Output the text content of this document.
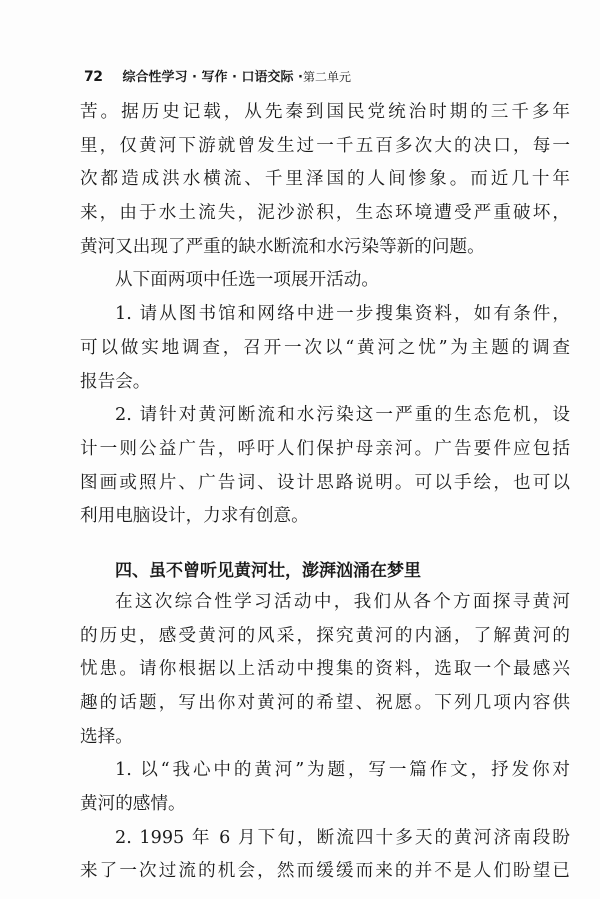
72 综合性学习 · 写作 · 口语交际 · 第二单元
苦。据历史记载，从先秦到国民党统治时期的三千多年
里，仅黄河下游就曾发生过一千五百多次大的决口，每一
次都造成洪水横流、千里泽国的人间惨象。而近几十年
来，由于水土流失，泥沙淤积，生态环境遭受严重破坏，
黄河又出现了严重的缺水断流和水污染等新的问题。
从下面两项中任选一项展开活动。
1. 请从图书馆和网络中进一步搜集资料，如有条件，
可以做实地调查，召开一次以“黄河之忧”为主题的调查
报告会。
2. 请针对黄河断流和水污染这一严重的生态危机，设
计一则公益广告，呼吁人们保护母亲河。广告要件应包括
图画或照片、广告词、设计思路说明。可以手绘，也可以
利用电脑设计，力求有创意。
四、虽不曾听见黄河壮，澎湃汹涌在梦里
在这次综合性学习活动中，我们从各个方面探寻黄河
的历史，感受黄河的风采，探究黄河的内涵，了解黄河的
忧患。请你根据以上活动中搜集的资料，选取一个最感兴
趣的话题，写出你对黄河的希望、祝愿。下列几项内容供
选择。
1. 以“我心中的黄河”为题，写一篇作文，抒发你对
黄河的感情。
2. 1995 年 6 月下旬，断流四十多天的黄河济南段盼
来了一次过流的机会，然而缓缓而来的并不是人们盼望已
